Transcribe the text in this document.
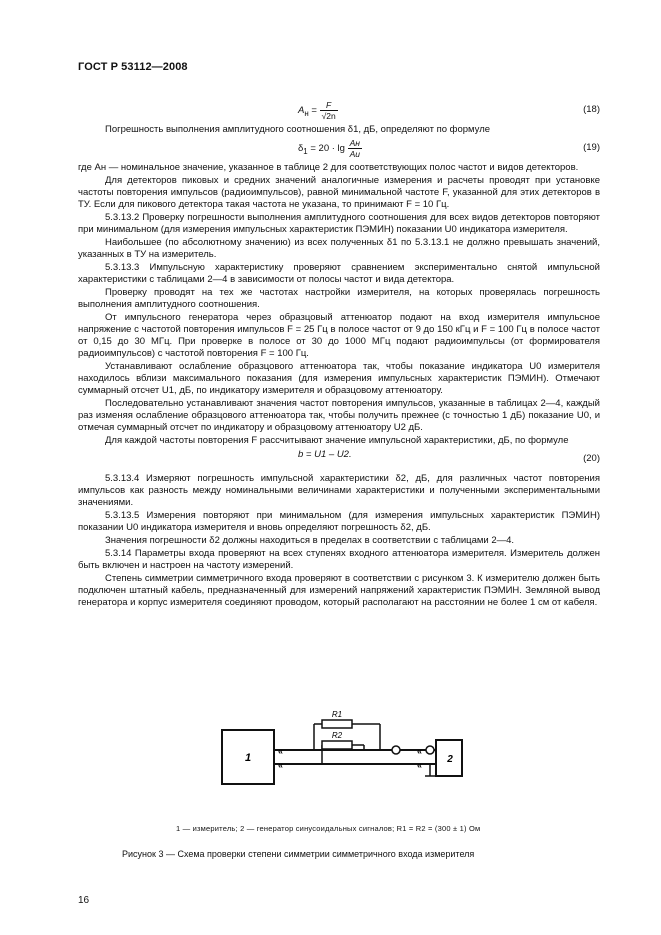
ГОСТ Р 53112—2008
$A_н = \frac{F}{√2n}$	(18)

Погрешность выполнения амплитудного соотношения δ1, дБ, определяют по формуле

$\delta_1 = 20 \cdot \lg \frac{Aн}{Aи}$	(19)

где Aн — номинальное значение, указанное в таблице 2 для соответствующих полос частот и видов детекторов.

Для детекторов пиковых и средних значений аналогичные измерения и расчеты проводят при установке частоты повторения импульсов (радиоимпульсов), равной минимальной частоте F, указанной для этих детекторов в ТУ. Если для пикового детектора такая частота не указана, то принимают F = 10 Гц.

5.3.13.2 Проверку погрешности выполнения амплитудного соотношения для всех видов детекторов повторяют при минимальном (для измерения импульсных характеристик ПЭМИН) показании U0 индикатора измерителя.

Наибольшее (по абсолютному значению) из всех полученных δ1 по 5.3.13.1 не должно превышать значений, указанных в ТУ на измеритель.

5.3.13.3 Импульсную характеристику проверяют сравнением экспериментально снятой импульсной характеристики с таблицами 2—4 в зависимости от полосы частот и вида детектора.

Проверку проводят на тех же частотах настройки измерителя, на которых проверялась погрешность выполнения амплитудного соотношения.

От импульсного генератора через образцовый аттенюатор подают на вход измерителя импульсное напряжение с частотой повторения импульсов F = 25 Гц в полосе частот от 9 до 150 кГц и F = 100 Гц в полосе частот от 0,15 до 30 МГц. При проверке в полосе от 30 до 1000 МГц подают радиоимпульсы (от формирователя радиоимпульсов) с частотой повторения F = 100 Гц.

Устанавливают ослабление образцового аттенюатора так, чтобы показание индикатора U0 измерителя находилось вблизи максимального показания (для измерения импульсных характеристик ПЭМИН). Отмечают суммарный отсчет U1, дБ, по индикатору измерителя и образцовому аттенюатору.

Последовательно устанавливают значения частот повторения импульсов, указанные в таблицах 2—4, каждый раз изменяя ослабление образцового аттенюатора так, чтобы получить прежнее (с точностью 1 дБ) показание U0, и отмечая суммарный отсчет по индикатору и образцовому аттенюатору U2 дБ.

Для каждой частоты повторения F рассчитывают значение импульсной характеристики, дБ, по формуле

b = U1 – U2.	(20)

5.3.13.4 Измеряют погрешность импульсной характеристики δ2, дБ, для различных частот повторения импульсов как разность между номинальными величинами характеристики и полученными экспериментальными значениями.

5.3.13.5 Измерения повторяют при минимальном (для измерения импульсных характеристик ПЭМИН) показании U0 индикатора измерителя и вновь определяют погрешность δ2, дБ.

Значения погрешности δ2 должны находиться в пределах в соответствии с таблицами 2—4.

5.3.14 Параметры входа проверяют на всех ступенях входного аттенюатора измерителя. Измеритель должен быть включен и настроен на частоту измерений.

Степень симметрии симметричного входа проверяют в соответствии с рисунком 3. К измерителю должен быть подключен штатный кабель, предназначенный для измерений напряжений характеристик ПЭМИН. Земляной вывод генератора и корпус измерителя соединяют проводом, который располагают на расстоянии не более 1 см от кабеля.

1	2
R1
R2
«
«
«
«
1 — измеритель; 2 — генератор синусоидальных сигналов; R1 = R2 = (300 ± 1) Ом
Рисунок 3 — Схема проверки степени симметрии симметричного входа измерителя
16
